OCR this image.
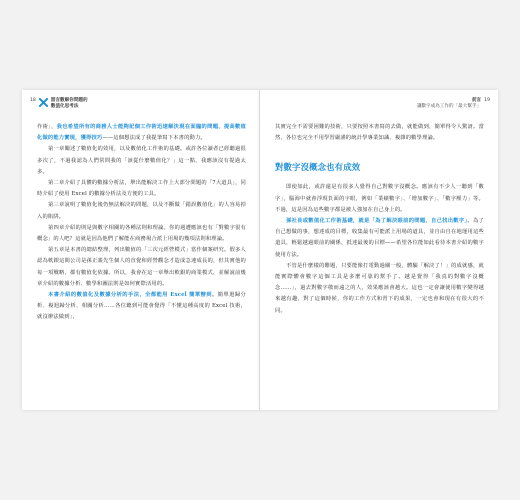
18	語言數解你問題的
數值化思考法

作術」，我也希望所有的商務人士能夠記個工作術迅速解決現在面臨的問題、提高數值化做的能力實現，獲得技巧——這個想法成了我提筆寫下本書的動力。

第一章闡述了數值化的效用，以及數值化工作術的基礎。或許各位讀者已經聽過很多次了，不過我認為人們常問我的「該從什麼數值化？」這一點，我應該沒有提過太多。

第二章介紹了具體的數據分析法，舉出能解決工作上大部分問題的「7大道具」，同時介紹了使用 Excel 的數據分析法及方便的工具。

第三章說明了數值化後仍無法解決的問題，以及不斷做「錯誤數值化」的人容易掉入的陷阱。

第四章介紹的則是與數字相關的各種法則和理論。你的週遭應該也有「對數字很有概念」的人吧？這就是因為他們了解能在商務場合派上用場的幾項法則和理論。

第五章是本書的總結整理，列出數值的「三次元經營模式」當作個案研究。假多人認為軟銀這間公司是孫正義先生個人的直覺和經營觀念才造成急速成長的，但其實他的每一項戰略，都有數值化依據。所以，我會在這一章舉出軟銀的商業模式，並解說前幾章介紹的數據分析、數學和圖法則是如何實際活用的。

本書介紹的數值化及數據分析的手法，全都能用 Excel 簡單辦到。簡單迴歸分析、複迴歸分析、相關分析……各位聽到可能會覺得「不懂這種高度的 Excel 技術，就沒辦法做到」，

前言
讓數字成為工作的「最大幫手」
19

其實完全不需要困難的技術，只要按照本書寫的去做，就能做到，簡單得令人驚訝。當然，各位也完全不用學習嚴謹的統計學專業知識、複雜的數學理論。

對數字沒概念也有成效

即使如此，或許還是有很多人覺得自己對數字沒概念。應該有不少人一聽到「數字」，腦海中就會浮現負面的字眼，例如「業績數字」、「增加數字」、「數字壓力」等。不過，這是因為這些數字都是被人強加在自己身上的。

孫社長或數值化工作術基礎，就是「為了解決眼前的問題，自己找出數字」。為了自己想做的事，想達成的目標，收集最有可能派上用場的道具，並自由自在地運用這些道具，輕鬆越過眼前的關係，抵達最後的目標——希望各位能如此看待本書介紹的數字使用方法。

不管是什麼樣的難題，只要能像打電動過關一般，體驗「解決了！」的成就感，就能實際體會數字這個工具是多麼可靠的幫手了。越是覺得「我真的對數字沒概念……」，過去對數字敬而遠之的人，效果應該會越大。這也一定會讓使用數字變得越來越有趣，對了這個時候，你的工作方式和習下的成果，一定也會和現在有很大的不同。
